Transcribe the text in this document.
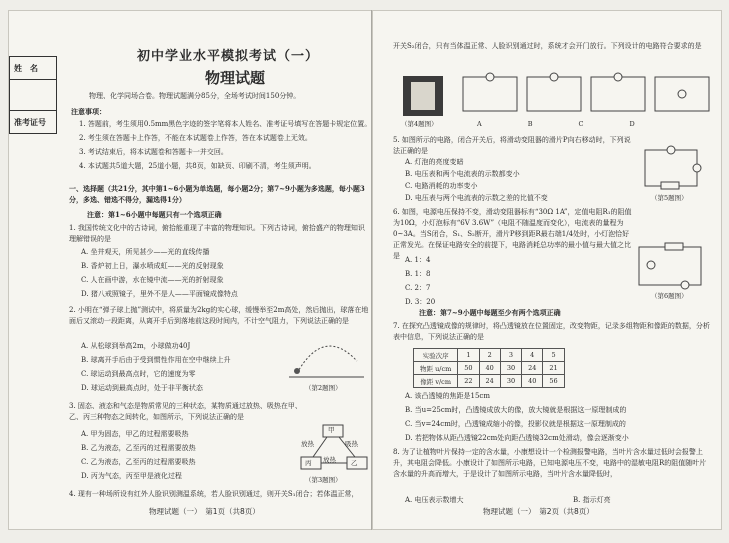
姓　名
准考证号
初中学业水平模拟考试（一）
物理试题
物理、化学同场合卷。物理试题满分85分，全场考试时间150分钟。
注意事项：
1. 答题前，考生须用0.5mm黑色字迹的签字笔将本人姓名、准考证号填写在答题卡规定位置。
2. 考生须在答题卡上作答，不能在本试题卷上作答，答在本试题卷上无效。
3. 考试结束后，将本试题卷和答题卡一并交回。
4. 本试题共5道大题，25道小题，共8页，如缺页、印刷不清，考生须声明。
一、选择题（共21分，其中第1~6小题为单选题，每小题2分；第7~9小题为多选题，每小题3分，多选、错选不得分，漏选得1分）
注意：第1~6小题中每题只有一个选项正确
1. 我国传统文化中的古诗词，俯拾能重现了丰富的物理知识。下列古诗词，俯拾盛产的物理知识理解错误的是
A. 坐井观天，所见甚少——光的直线传播
B. 香炉初上日，瀑水喷成虹——光的反射现象
C. 人在画中游，水在镜中流——光的折射现象
D. 猪八戒照镜子，里外不是人——平面镜成像特点
2. 小明在“弹子球上抛”测试中，将质量为2kg的实心球，缓慢举至2m高处，然后抛出，球落在地面后又滚动一段距离，从离开手后到落地前这段时间内，不计空气阻力，下列说法正确的是
A. 从松球到举高2m，小球做功40J
B. 球离开手后由于受到惯性作用在空中继续上升
C. 球运动到最高点时，它的速度为零
D. 球运动到最高点时，处于非平衡状态	（第2题图）
3. 固态、液态和气态是物质常见的三种状态，某物质通过放热、吸热在甲、乙、丙三种物态之间转化，如图所示，下列说法正确的是
A. 甲为固态，甲乙的过程需要吸热
B. 乙为液态，乙至丙的过程需要放热
C. 乙为液态，乙至丙的过程需要吸热
D. 丙为气态，丙至甲是液化过程
甲
丙	乙
放热	吸热
放热
（第3题图）
4. 现有一种场所设有红外人脸识别测温系统，若人脸识别通过，则开关S₁闭合；若体温正常，
物理试题（一）　第1页（共8页）
开关S₂闭合，只有当体温正常、人脸识别通过时，系统才会开门放行。下列设计的电路符合要求的是
（第4题图）	A　　　　　　B　　　　　　C　　　　　　D
5. 如图所示的电路，闭合开关后，将滑动变阻器的滑片P向右移动时，下列说法正确的是
A. 灯泡的亮度变暗
B. 电压表和两个电流表的示数都变小
C. 电路消耗的功率变小
D. 电压表与两个电流表的示数之差的比值不变	（第5题图）
6. 如图，电源电压保持不变，滑动变阻器标有“30Ω 1A”，定值电阻R₁的阻值为10Ω，小灯泡标有“6V 3.6W”（电阻不随温度而变化），电流表的量程为0~3A。当S闭合，S₁、S₂断开，滑片P移到距R最右端1/4处时，小灯泡恰好正常发光。在保证电路安全的前提下，电路消耗总功率的最小值与最大值之比是 A. 1：4
B. 1：8
C. 2：7
D. 3：20
（第6题图）
注意：第7~9小题中每题至少有两个选项正确
7. 在探究凸透镜成像的规律时，将凸透镜放在位置固定，改变物距，记录多组物距和像距的数据，分析表中信息，下列说法正确的是
实验次序	1	2	3	4	5
物距 u/cm	50	40	30	24	21
像距 v/cm	22	24	30	40	56
A. 该凸透镜的焦距是15cm
B. 当u=25cm时，凸透镜成放大的像，放大镜就是根据这一原理制成的
C. 当v=24cm时，凸透镜成缩小的像，投影仪就是根据这一原理制成的
D. 若把物体从距凸透镜22cm处向距凸透镜32cm处滑动，像会逐渐变小
8. 为了让植物叶片保持一定的含水量，小康想设计一个检测报警电路，当叶片含水量过低时会报警上升，其电阻会降低。小康设计了如图所示电路，已知电源电压不变，电路中的湿敏电阻R的阻值随叶片含水量的升高而增大，于是设计了如图所示电路，当叶片含水量降低时，
A. 电压表示数增大	B. 指示灯亮
物理试题（一）　第2页（共8页）
